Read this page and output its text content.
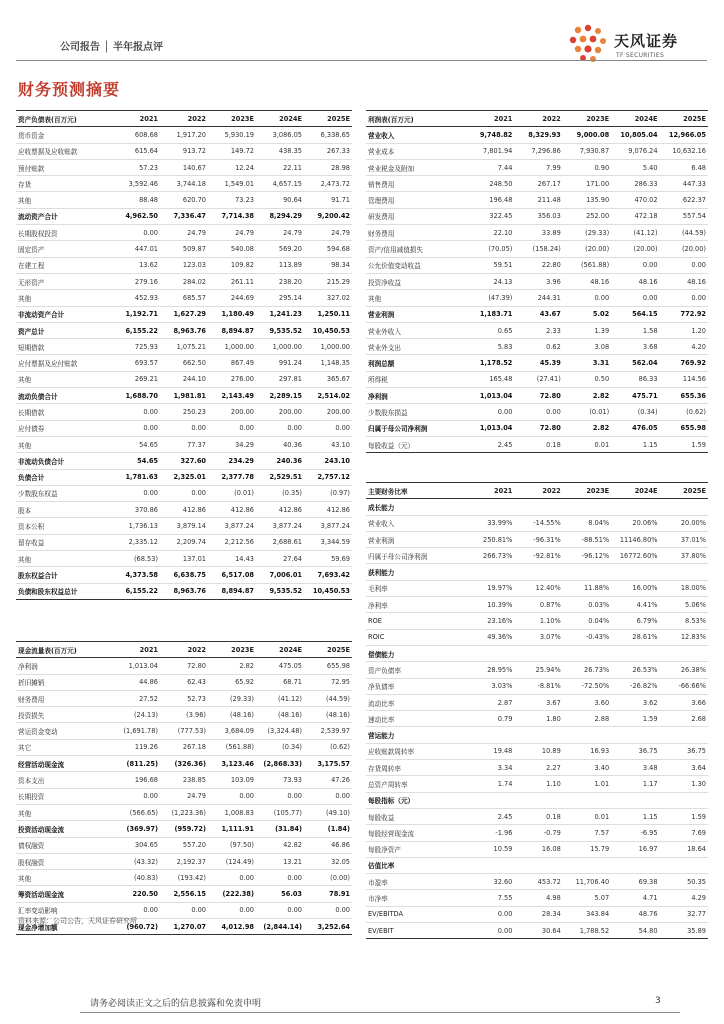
公司报告 │ 半年报点评	天风证券
TF SECURITIES
财务预测摘要
资产负债表(百万元)	2021	2022	2023E	2024E	2025E
货币资金	608.68	1,917.20	5,930.19	3,086.05	6,338.65
应收票据及应收账款	615.64	913.72	149.72	438.35	267.33
预付账款	57.23	140.67	12.24	22.11	28.98
存货	3,592.46	3,744.18	1,549.01	4,657.15	2,473.72
其他	88.48	620.70	73.23	90.64	91.71
流动资产合计	4,962.50	7,336.47	7,714.38	8,294.29	9,200.42
长期股权投资	0.00	24.79	24.79	24.79	24.79
固定资产	447.01	509.87	540.08	569.20	594.68
在建工程	13.62	123.03	109.82	113.89	98.34
无形资产	279.16	284.02	261.11	238.20	215.29
其他	452.93	685.57	244.69	295.14	327.02
非流动资产合计	1,192.71	1,627.29	1,180.49	1,241.23	1,250.11
资产总计	6,155.22	8,963.76	8,894.87	9,535.52	10,450.53
短期借款	725.93	1,075.21	1,000.00	1,000.00	1,000.00
应付票据及应付账款	693.57	662.50	867.49	991.24	1,148.35
其他	269.21	244.10	276.00	297.81	365.67
流动负债合计	1,688.70	1,981.81	2,143.49	2,289.15	2,514.02
长期借款	0.00	250.23	200.00	200.00	200.00
应付债券	0.00	0.00	0.00	0.00	0.00
其他	54.65	77.37	34.29	40.36	43.10
非流动负债合计	54.65	327.60	234.29	240.36	243.10
负债合计	1,781.63	2,325.01	2,377.78	2,529.51	2,757.12
少数股东权益	0.00	0.00	(0.01)	(0.35)	(0.97)
股本	370.86	412.86	412.86	412.86	412.86
资本公积	1,736.13	3,879.14	3,877.24	3,877.24	3,877.24
留存收益	2,335.12	2,209.74	2,212.56	2,688.61	3,344.59
其他	(68.53)	137.01	14.43	27.64	59.69
股东权益合计	4,373.58	6,638.75	6,517.08	7,006.01	7,693.42
负债和股东权益总计	6,155.22	8,963.76	8,894.87	9,535.52	10,450.53
利润表(百万元)	2021	2022	2023E	2024E	2025E
营业收入	9,748.82	8,329.93	9,000.08	10,805.04	12,966.05
营业成本	7,801.94	7,296.86	7,930.87	9,076.24	10,632.16
营业税金及附加	7.44	7.99	0.90	5.40	6.48
销售费用	248.50	267.17	171.00	286.33	447.33
管理费用	196.48	211.48	135.90	470.02	622.37
研发费用	322.45	356.03	252.00	472.18	557.54
财务费用	22.10	33.89	(29.33)	(41.12)	(44.59)
资产/信用减值损失	(70.05)	(158.24)	(20.00)	(20.00)	(20.00)
公允价值变动收益	59.51	22.80	(561.88)	0.00	0.00
投资净收益	24.13	3.96	48.16	48.16	48.16
其他	(47.39)	244.31	0.00	0.00	0.00
营业利润	1,183.71	43.67	5.02	564.15	772.92
营业外收入	0.65	2.33	1.39	1.58	1.20
营业外支出	5.83	0.62	3.08	3.68	4.20
利润总额	1,178.52	45.39	3.31	562.04	769.92
所得税	165.48	(27.41)	0.50	86.33	114.56
净利润	1,013.04	72.80	2.82	475.71	655.36
少数股东损益	0.00	0.00	(0.01)	(0.34)	(0.62)
归属于母公司净利润	1,013.04	72.80	2.82	476.05	655.98
每股收益（元）	2.45	0.18	0.01	1.15	1.59
主要财务比率	2021	2022	2023E	2024E	2025E
成长能力					
营业收入	33.99%	-14.55%	8.04%	20.06%	20.00%
营业利润	250.81%	-96.31%	-88.51%	11146.80%	37.01%
归属于母公司净利润	266.73%	-92.81%	-96.12%	16772.60%	37.80%
获利能力					
毛利率	19.97%	12.40%	11.88%	16.00%	18.00%
净利率	10.39%	0.87%	0.03%	4.41%	5.06%
ROE	23.16%	1.10%	0.04%	6.79%	8.53%
ROIC	49.36%	3.07%	-0.43%	28.61%	12.83%
偿债能力					
资产负债率	28.95%	25.94%	26.73%	26.53%	26.38%
净负债率	3.03%	-8.81%	-72.50%	-26.82%	-66.66%
流动比率	2.87	3.67	3.60	3.62	3.66
速动比率	0.79	1.80	2.88	1.59	2.68
营运能力					
应收账款周转率	19.48	10.89	16.93	36.75	36.75
存货周转率	3.34	2.27	3.40	3.48	3.64
总资产周转率	1.74	1.10	1.01	1.17	1.30
每股指标（元）					
每股收益	2.45	0.18	0.01	1.15	1.59
每股经营现金流	-1.96	-0.79	7.57	-6.95	7.69
每股净资产	10.59	16.08	15.79	16.97	18.64
估值比率					
市盈率	32.60	453.72	11,706.40	69.38	50.35
市净率	7.55	4.98	5.07	4.71	4.29
EV/EBITDA	0.00	28.34	343.84	48.76	32.77
EV/EBIT	0.00	30.64	1,788.52	54.80	35.89
现金流量表(百万元)	2021	2022	2023E	2024E	2025E
净利润	1,013.04	72.80	2.82	475.05	655.98
折旧摊销	44.86	62.43	65.92	68.71	72.95
财务费用	27.52	52.73	(29.33)	(41.12)	(44.59)
投资损失	(24.13)	(3.96)	(48.16)	(48.16)	(48.16)
营运资金变动	(1,691.78)	(777.53)	3,684.09	(3,324.48)	2,539.97
其它	119.26	267.18	(561.88)	(0.34)	(0.62)
经营活动现金流	(811.25)	(326.36)	3,123.46	(2,868.33)	3,175.57
资本支出	196.68	238.85	103.09	73.93	47.26
长期投资	0.00	24.79	0.00	0.00	0.00
其他	(566.65)	(1,223.36)	1,008.83	(105.77)	(49.10)
投资活动现金流	(369.97)	(959.72)	1,111.91	(31.84)	(1.84)
债权融资	304.65	557.20	(97.50)	42.82	46.86
股权融资	(43.32)	2,192.37	(124.49)	13.21	32.05
其他	(40.83)	(193.42)	0.00	0.00	(0.00)
筹资活动现金流	220.50	2,556.15	(222.38)	56.03	78.91
汇率变动影响	0.00	0.00	0.00	0.00	0.00
现金净增加额	(960.72)	1,270.07	4,012.98	(2,844.14)	3,252.64
资料来源：公司公告，天风证券研究所
请务必阅读正文之后的信息披露和免责申明	3
